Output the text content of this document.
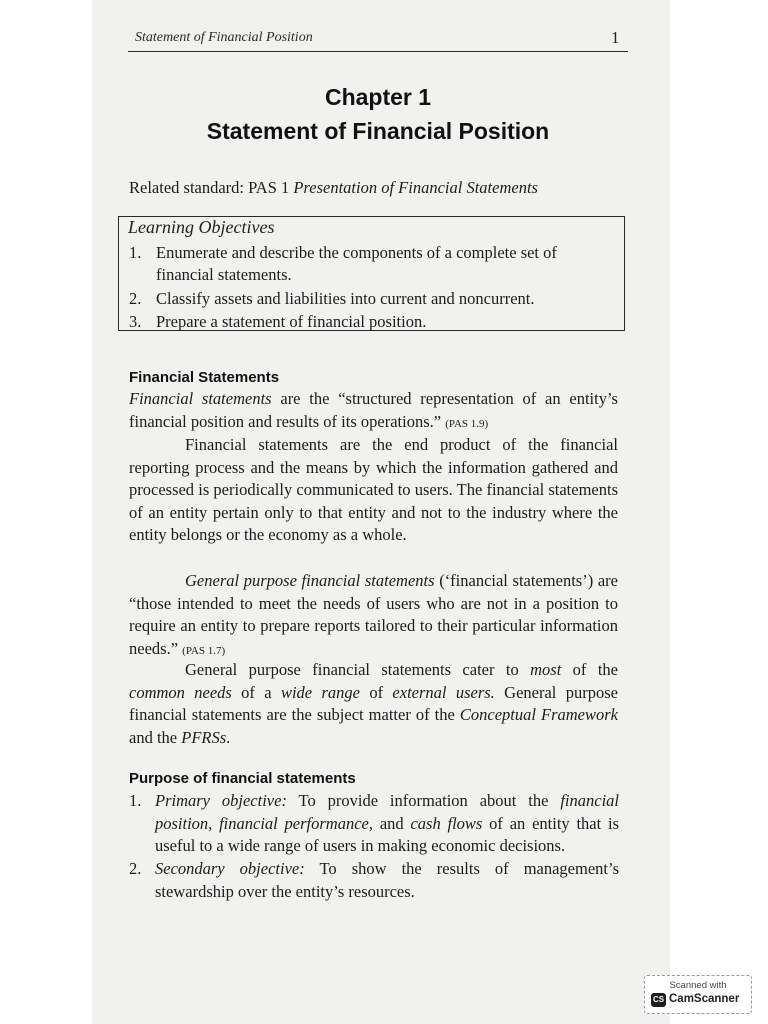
Statement of Financial Position	1
Chapter 1
Statement of Financial Position
Related standard: PAS 1 Presentation of Financial Statements
Learning Objectives
1. Enumerate and describe the components of a complete set of
financial statements.
2. Classify assets and liabilities into current and noncurrent.
3. Prepare a statement of financial position.
Financial Statements
Financial statements are the “structured representation of an entity’s financial position and results of its operations.” (PAS 1.9)
Financial statements are the end product of the financial reporting process and the means by which the information gathered and processed is periodically communicated to users. The financial statements of an entity pertain only to that entity and not to the industry where the entity belongs or the economy as a whole.
General purpose financial statements (‘financial statements’) are “those intended to meet the needs of users who are not in a position to require an entity to prepare reports tailored to their particular information needs.” (PAS 1.7)
General purpose financial statements cater to most of the common needs of a wide range of external users. General purpose financial statements are the subject matter of the Conceptual Framework and the PFRSs.
Purpose of financial statements
1. Primary objective: To provide information about the financial position, financial performance, and cash flows of an entity that is useful to a wide range of users in making economic decisions.
2. Secondary objective: To show the results of management’s stewardship over the entity’s resources.
Scanned with
CS CamScanner
